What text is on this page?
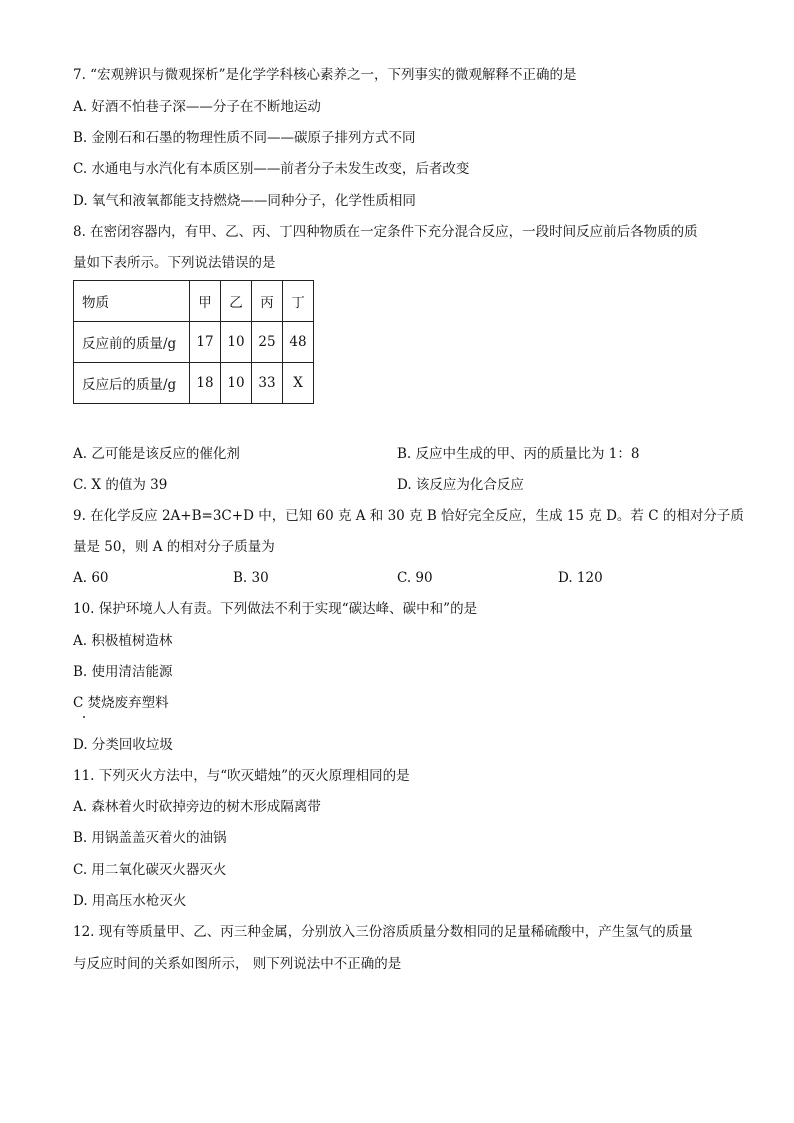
7. “宏观辨识与微观探析”是化学学科核心素养之一，下列事实的微观解释不正确的是
A. 好酒不怕巷子深——分子在不断地运动
B. 金刚石和石墨的物理性质不同——碳原子排列方式不同
C. 水通电与水汽化有本质区别——前者分子未发生改变，后者改变
D. 氧气和液氧都能支持燃烧——同种分子，化学性质相同
8. 在密闭容器内，有甲、乙、丙、丁四种物质在一定条件下充分混合反应，一段时间反应前后各物质的质
量如下表所示。下列说法错误的是
物质	甲	乙	丙	丁
反应前的质量/g	17	10	25	48
反应后的质量/g	18	10	33	X
A. 乙可能是该反应的催化剂	B. 反应中生成的甲、丙的质量比为 1：8
C. X 的值为 39	D. 该反应为化合反应
9. 在化学反应 2A+B=3C+D 中，已知 60 克 A 和 30 克 B 恰好完全反应，生成 15 克 D。若 C 的相对分子质
量是 50，则 A 的相对分子质量为
A. 60	B. 30	C. 90	D. 120
10. 保护环境人人有责。下列做法不利于实现“碳达峰、碳中和”的是
A. 积极植树造林
B. 使用清洁能源
C 焚烧废弃塑料
D. 分类回收垃圾
11. 下列灭火方法中，与“吹灭蜡烛”的灭火原理相同的是
A. 森林着火时砍掉旁边的树木形成隔离带
B. 用锅盖盖灭着火的油锅
C. 用二氧化碳灭火器灭火
D. 用高压水枪灭火
12. 现有等质量甲、乙、丙三种金属，分别放入三份溶质质量分数相同的足量稀硫酸中，产生氢气的质量
与反应时间的关系如图所示， 则下列说法中不正确的是
